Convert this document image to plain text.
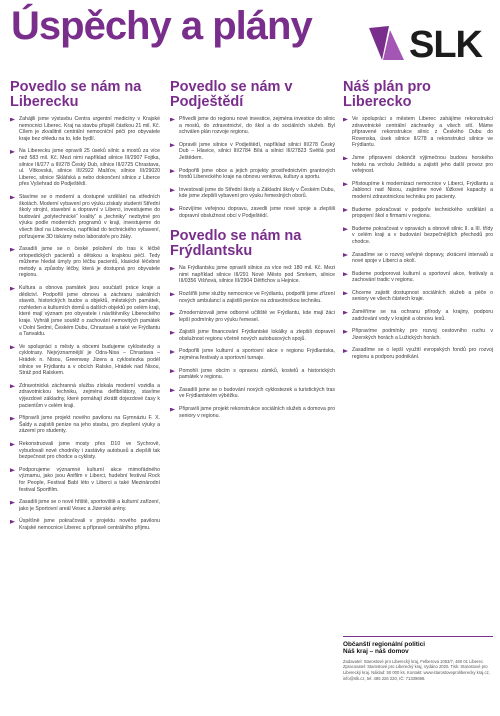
Úspěchy a plány	SLK
Povedlo se nám na Liberecku
Zahájili jsme výstavbu Centra urgentní medicíny v Krajské nemocnici Liberec. Kraj na stavbu přispěl částkou 21 mil. Kč. Cílem je zkvalitnit centrální nemocniční péči pro obyvatele kraje bez ohledu na to, kde bydlí.
Na Liberecku jsme opravili 25 úseků silnic a mostů za více než 583 mil. Kč. Mezi nimi například silnice III/2907 Fojtka, silnice III/277 a III/278 Český Dub, silnice III/2725 Chrastava, ul. Vítkovská, silnice III/2922 Mašťov, silnice III/29020 Liberec, silnice Sklářská a nebo dokončení silnice z Liberce přes Vyšehrad do Podještědí.
Stavíme se o moderní a dostupné vzdělání na středních školách. Moderní vybavení pro výuku získaly studenti Střední školy strojní, stavební a dopravní v Liberci, investujeme do budování „polytechnické“ kvality“ a „techniky“ nezbytné pro výuku podle moderních programů v kraji, investujeme do všech škol na Liberecku, například do technického vybavení, pořízujeme 3D tiskárny nebo laboratoře pro žáky.
Zasadili jsme se o české položení do tras k léčbě ortopedických pacientů s dětskou a krajskou péčí. Tedy můžeme hledat úmyly pro léčbu pacientů, klasické léčebné metody a způsoby léčby, která je dostupná pro obyvatele regionu.
Kultura a obnova památek jsou součástí práce kraje a dědictví. Podpořili jsme obnovu a záchranu sakrálních staveb, historických budov a objektů, městských památek, rozhleden a kulturních domů a dalších objektů po celém kraji, které mají význam pro obyvatele i návštěvníky Libereckého kraje. Vyhráli jsme soutěž o zachování nemovitých památek v Dolní Sedmi, Českém Dubu, Chrastavě a také ve Frýdlantu a Tanvaldu.
Ve spolupráci s městy a obcemi budujeme cyklostezky a cyklotrasy. Nejvýznamnější je Odra-Nisa – Chrastava – Hrádek n. Nisou, Greenway Jizera a cyklostezka podél silnice ve Frýdlantu a v obcích Ralsko, Hrádek nad Nisou, Stráž pod Ralskem.
Zdravotnická záchranná služba získala moderní vozidla a zdravotnickou techniku, zejména defibrilátory, stavíme výjezdové základny, které pomáhají zkrátit dojezdové časy k pacientům v celém kraji.
Připravili jsme projekt nového pavilonu na Gymnáziu F. X. Šaldy a zajistili peníze na jeho stavbu, pro zlepšení výuky a zázemí pro studenty.
Rekonstruovali jsme mosty přes D10 ve Sychrově, vybudovali nové chodníky i zastávky autobusů a zlepšili tak bezpečnost pro chodce a cyklisty.
Podporujeme významné kulturní akce mimořádného významu, jako jsou Anifilm v Liberci, hudební festival Rock for People, Festival Babí léto v Liberci a také Mezinárodní festival Sportfilm.
Zasadili jsme se o nové hřiště, sportoviště a kulturní zařízení, jako je Sportovní areál Vesec a Jizerské arény.
Úspěšně jsme pokračovali v projektu nového pavilonu Krajské nemocnice Liberec a přípravě centrálního příjmu.
Povedlo se nám v Podještědí
Přivedli jsme do regionu nové investice, zejména investice do silnic a mostů, do zdravotnictví, do škol a do sociálních služeb. Byl schválen plán rozvoje regionu.
Opravili jsme silnice v Podještědí, například silnici III/278 Český Dub – Hlavice, silnici III/2784 Bílá a silnici III/27823 Světlá pod Ještědem.
Podpořili jsme obce a jejich projekty prostřednictvím grantových fondů Libereckého kraje na obnovu venkova, kultury a sportu.
Investovali jsme do Střední školy a Základní školy v Českém Dubu, kde jsme zlepšili vybavení pro výuku řemeslných oborů.
Rozvíjíme veřejnou dopravu, zavedli jsme nové spoje a zlepšili dopravní obslužnost obcí v Podještědí.
Povedlo se nám na Frýdlantsku
Na Frýdlantsku jsme opravili silnice za více než 180 mil. Kč. Mezi nimi například silnice III/291 Nové Město pod Smrkem, silnice III/0356 Višňová, silnice III/2904 Dětřichov a Hejnice.
Rozšířili jsme služby nemocnice ve Frýdlantu, podpořili jsme zřízení nových ambulancí a zajistili peníze na zdravotnickou techniku.
Zmodernizovali jsme odborné učiliště ve Frýdlantu, kde mají žáci lepší podmínky pro výuku řemesel.
Zajistili jsme financování Frýdlantské lokálky a zlepšili dopravní obslužnost regionu včetně nových autobusových spojů.
Podpořili jsme kulturní a sportovní akce v regionu Frýdlantska, zejména festivaly a sportovní turnaje.
Pomohli jsme obcím s opravou zámků, kostelů a historických památek v regionu.
Zasadili jsme se o budování nových cyklostezek a turistických tras ve Frýdlantském výběžku.
Připravili jsme projekt rekonstrukce sociálních služeb a domova pro seniory v regionu.
Náš plán pro Liberecko
Ve spolupráci s městem Liberec zahájíme rekonstrukci zdravotnické centrální záchranky a všech sítí. Máme připravené rekonstrukce silnic z Českého Dubu do Rovenska, úsek silnice II/278 a rekonstrukci silnice ve Frýdlantu.
Jsme připraveni dokončit výjimečnou budovu horského hotelu na vrcholu Ještědu a zajistit jeho další provoz pro veřejnost.
Přistoupíme k modernizaci nemocnice v Liberci, Frýdlantu a Jablonci nad Nisou, zajistíme nové lůžkové kapacity a moderní zdravotnickou techniku pro pacienty.
Budeme pokračovat v podpoře technického vzdělání a propojení škol s firmami v regionu.
Budeme pokračovat v opravách a obnově silnic II. a III. třídy v celém kraji a v budování bezpečnějších přechodů pro chodce.
Zasadíme se o rozvoj veřejné dopravy, zkrácení intervalů a nové spoje v Liberci a okolí.
Budeme podporovat kulturní a sportovní akce, festivaly a zachování tradic v regionu.
Chceme zajistit dostupnost sociálních služeb a péče o seniory ve všech částech kraje.
Zaměříme se na ochranu přírody a krajiny, podporu zadržování vody v krajině a obnovu lesů.
Připravíme podmínky pro rozvoj cestovního ruchu v Jizerských horách a Lužických horách.
Zasadíme se o lepší využití evropských fondů pro rozvoj regionu a podporu podnikání.
Občanští regionální politici
Náš kraj – náš domov
Zadavatel: Starostové pro Liberecký kraj, Felberova 1053/7, 460 01 Liberec. Zpracovatel: Starostové pro Liberecký kraj, Vydáno 2020. Tisk: Starostové pro Liberecký kraj. Náklad: 50 000 ks. Kontakt: www.starostoveproliberecky kraj.cz, info@slk.cz, tel: 485 226 220, IČ: 71339698.
